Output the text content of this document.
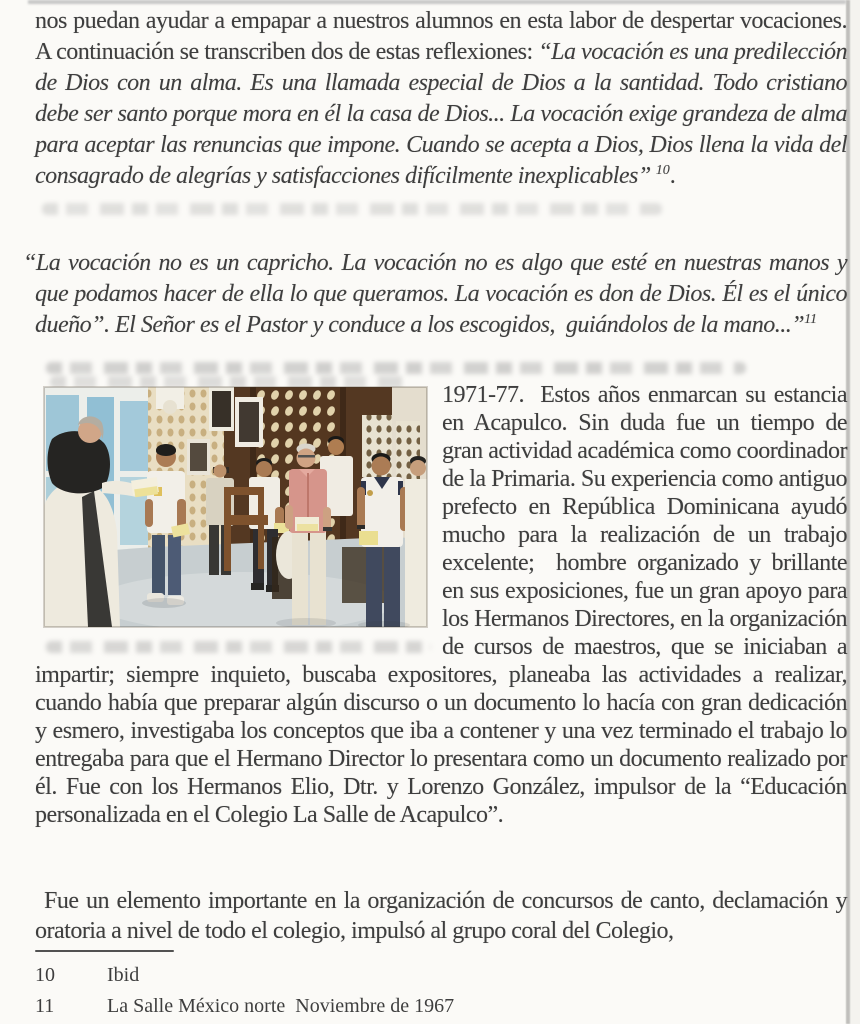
nos puedan ayudar a empapar a nuestros alumnos en esta labor de despertar vocaciones. A continuación se transcriben dos de estas reflexiones: “La vocación es una predilección de Dios con un alma. Es una llamada especial de Dios a la santidad. Todo cristiano debe ser santo porque mora en él la casa de Dios... La vocación exige grandeza de alma para aceptar las renuncias que impone. Cuando se acepta a Dios, Dios llena la vida del consagrado de alegrías y satisfacciones difícilmente inexplicables” $^{10}$.

“La vocación no es un capricho. La vocación no es algo que esté en nuestras manos y que podamos hacer de ella lo que queramos. La vocación es don de Dios. Él es el único dueño”. El Señor es el Pastor y conduce a los escogidos,  guiándolos de la mano...”$^{11}$

1971-77.  Estos años enmarcan su estancia en Acapulco. Sin duda fue un tiempo de gran actividad académica como coordinador de la Primaria. Su experiencia como antiguo prefecto en República Dominicana ayudó mucho para la realización de un trabajo excelente;  hombre organizado y brillante en sus exposiciones, fue un gran apoyo para los Hermanos Directores, en la organización de cursos de maestros, que se iniciaban a impartir; siempre inquieto, buscaba expositores, planeaba las actividades a realizar, cuando había que preparar algún discurso o un documento lo hacía con gran dedicación y esmero, investigaba los conceptos que iba a contener y una vez terminado el trabajo lo entregaba para que el Hermano Director lo presentara como un documento realizado por él. Fue con los Hermanos Elio, Dtr. y Lorenzo González, impulsor de la “Educación personalizada en el Colegio La Salle de Acapulco”.

Fue un elemento importante en la organización de concursos de canto, declamación y oratoria a nivel de todo el colegio, impulsó al grupo coral del Colegio,

10	Ibid
11	La Salle México norte  Noviembre de 1967
